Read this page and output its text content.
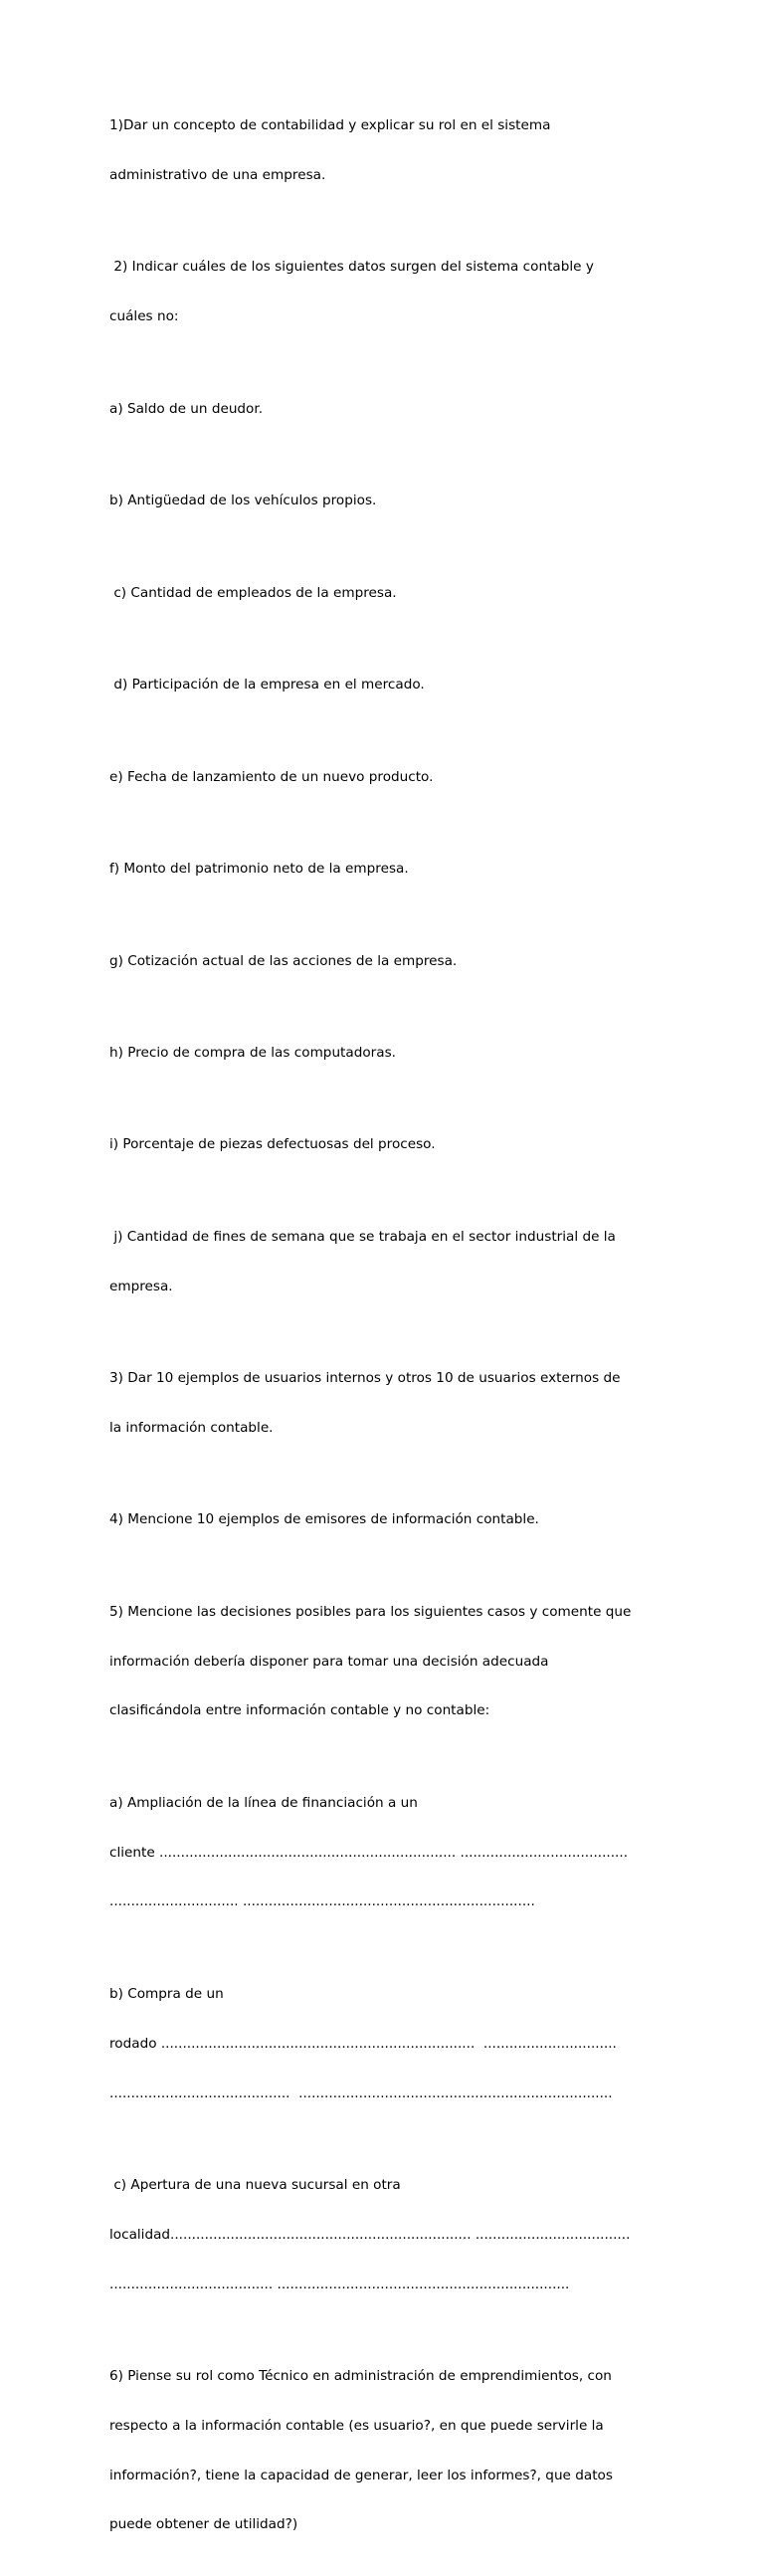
1)Dar un concepto de contabilidad y explicar su rol en el sistema

administrativo de una empresa.

2) Indicar cuáles de los siguientes datos surgen del sistema contable y

cuáles no:

a) Saldo de un deudor.

b) Antigüedad de los vehículos propios.

c) Cantidad de empleados de la empresa.

d) Participación de la empresa en el mercado.

e) Fecha de lanzamiento de un nuevo producto.

f) Monto del patrimonio neto de la empresa.

g) Cotización actual de las acciones de la empresa.

h) Precio de compra de las computadoras.

i) Porcentaje de piezas defectuosas del proceso.

j) Cantidad de fines de semana que se trabaja en el sector industrial de la

empresa.

3) Dar 10 ejemplos de usuarios internos y otros 10 de usuarios externos de

la información contable.

4) Mencione 10 ejemplos de emisores de información contable.

5) Mencione las decisiones posibles para los siguientes casos y comente que

información debería disponer para tomar una decisión adecuada

clasificándola entre información contable y no contable:

a) Ampliación de la línea de financiación a un

cliente ..................................................................... .......................................

.............................. ....................................................................

b) Compra de un

rodado .........................................................................  ...............................

..........................................  .........................................................................

c) Apertura de una nueva sucursal en otra

localidad...................................................................... ....................................

...................................... ....................................................................

6) Piense su rol como Técnico en administración de emprendimientos, con

respecto a la información contable (es usuario?, en que puede servirle la

información?, tiene la capacidad de generar, leer los informes?, que datos

puede obtener de utilidad?)
